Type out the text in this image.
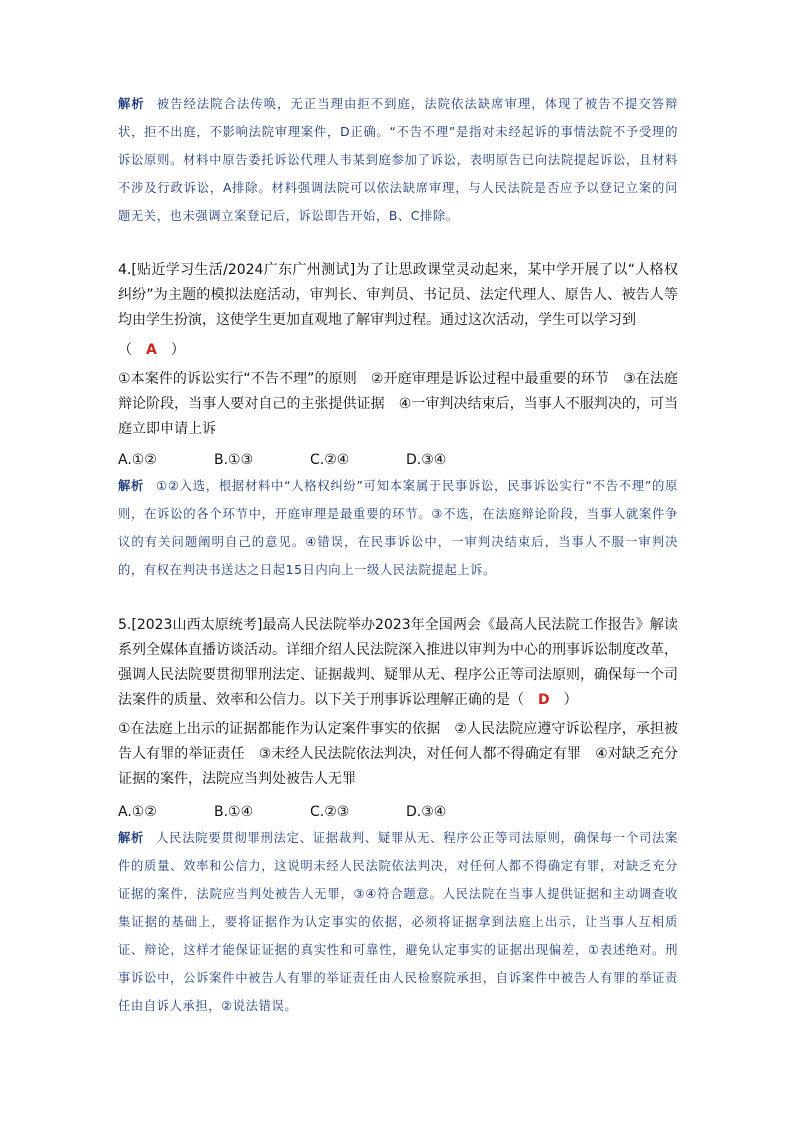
解析 被告经法院合法传唤，无正当理由拒不到庭，法院依法缺席审理，体现了被告不提交答辩状，拒不出庭，不影响法院审理案件，D正确。“不告不理”是指对未经起诉的事情法院不予受理的诉讼原则。材料中原告委托诉讼代理人韦某到庭参加了诉讼，表明原告已向法院提起诉讼，且材料不涉及行政诉讼，A排除。材料强调法院可以依法缺席审理，与人民法院是否应予以登记立案的问题无关，也未强调立案登记后，诉讼即告开始，B、C排除。

4.[贴近学习生活/2024广东广州测试]为了让思政课堂灵动起来，某中学开展了以“人格权纠纷”为主题的模拟法庭活动，审判长、审判员、书记员、法定代理人、原告人、被告人等均由学生扮演，这使学生更加直观地了解审判过程。通过这次活动，学生可以学习到

（ A ）

①本案件的诉讼实行“不告不理”的原则　②开庭审理是诉讼过程中最重要的环节　③在法庭辩论阶段，当事人要对自己的主张提供证据　④一审判决结束后，当事人不服判决的，可当庭立即申请上诉

A.①②	B.①③	C.②④	D.③④

解析 ①②入选，根据材料中“人格权纠纷”可知本案属于民事诉讼，民事诉讼实行“不告不理”的原则，在诉讼的各个环节中，开庭审理是最重要的环节。③不选，在法庭辩论阶段，当事人就案件争议的有关问题阐明自己的意见。④错误，在民事诉讼中，一审判决结束后，当事人不服一审判决的，有权在判决书送达之日起15日内向上一级人民法院提起上诉。

5.[2023山西太原统考]最高人民法院举办2023年全国两会《最高人民法院工作报告》解读系列全媒体直播访谈活动。详细介绍人民法院深入推进以审判为中心的刑事诉讼制度改革，强调人民法院要贯彻罪刑法定、证据裁判、疑罪从无、程序公正等司法原则，确保每一个司法案件的质量、效率和公信力。以下关于刑事诉讼理解正确的是（ D ）

①在法庭上出示的证据都能作为认定案件事实的依据　②人民法院应遵守诉讼程序，承担被告人有罪的举证责任　③未经人民法院依法判决，对任何人都不得确定有罪　④对缺乏充分证据的案件，法院应当判处被告人无罪

A.①②	B.①④	C.②③	D.③④

解析 人民法院要贯彻罪刑法定、证据裁判、疑罪从无、程序公正等司法原则，确保每一个司法案件的质量、效率和公信力，这说明未经人民法院依法判决，对任何人都不得确定有罪，对缺乏充分证据的案件，法院应当判处被告人无罪，③④符合题意。人民法院在当事人提供证据和主动调查收集证据的基础上，要将证据作为认定事实的依据，必须将证据拿到法庭上出示，让当事人互相质证、辩论，这样才能保证证据的真实性和可靠性，避免认定事实的证据出现偏差，①表述绝对。刑事诉讼中，公诉案件中被告人有罪的举证责任由人民检察院承担，自诉案件中被告人有罪的举证责任由自诉人承担，②说法错误。
